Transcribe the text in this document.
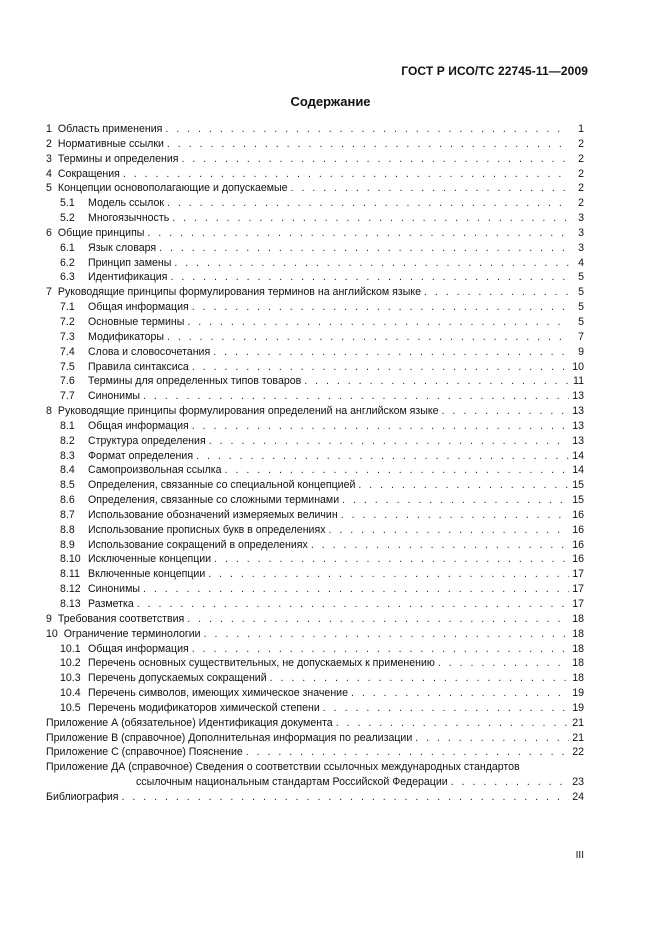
ГОСТ Р ИСО/ТС 22745-11—2009
Содержание
1 Область применения . . .	1
2 Нормативные ссылки . . .	2
3 Термины и определения . . .	2
4 Сокращения . . .	2
5 Концепции основополагающие и допускаемые . . .	2
5.1	Модель ссылок . . .	2
5.2	Многоязычность . . .	3
6 Общие принципы . . .	3
6.1	Язык словаря . . .	3
6.2	Принцип замены . . .	4
6.3	Идентификация . . .	5
7 Руководящие принципы формулирования терминов на английском языке . . .	5
7.1	Общая информация . . .	5
7.2	Основные термины . . .	5
7.3	Модификаторы . . .	7
7.4	Слова и словосочетания . . .	9
7.5	Правила синтаксиса . . .	10
7.6	Термины для определенных типов товаров . . .	11
7.7	Синонимы . . .	13
8 Руководящие принципы формулирования определений на английском языке . . .	13
8.1	Общая информация . . .	13
8.2	Структура определения . . .	13
8.3	Формат определения . . .	14
8.4	Самопроизвольная ссылка . . .	14
8.5	Определения, связанные со специальной концепцией . . .	15
8.6	Определения, связанные со сложными терминами . . .	15
8.7	Использование обозначений измеряемых величин . . .	16
8.8	Использование прописных букв в определениях . . .	16
8.9	Использование сокращений в определениях . . .	16
8.10 Исключенные концепции . . .	16
8.11 Включенные концепции . . .	17
8.12 Синонимы . . .	17
8.13 Разметка . . .	17
9 Требования соответствия . . .	18
10 Ограничение терминологии . . .	18
10.1 Общая информация . . .	18
10.2 Перечень основных существительных, не допускаемых к применению . . .	18
10.3 Перечень допускаемых сокращений . . .	18
10.4 Перечень символов, имеющих химическое значение . . .	19
10.5 Перечень модификаторов химической степени . . .	19
Приложение А (обязательное) Идентификация документа . . .	21
Приложение В (справочное) Дополнительная информация по реализации . . .	21
Приложение С (справочное) Пояснение . . .	22
Приложение ДА (справочное) Сведения о соответствии ссылочных международных стандартов
ссылочным национальным стандартам Российской Федерации . . .	23
Библиография . . .	24
III
